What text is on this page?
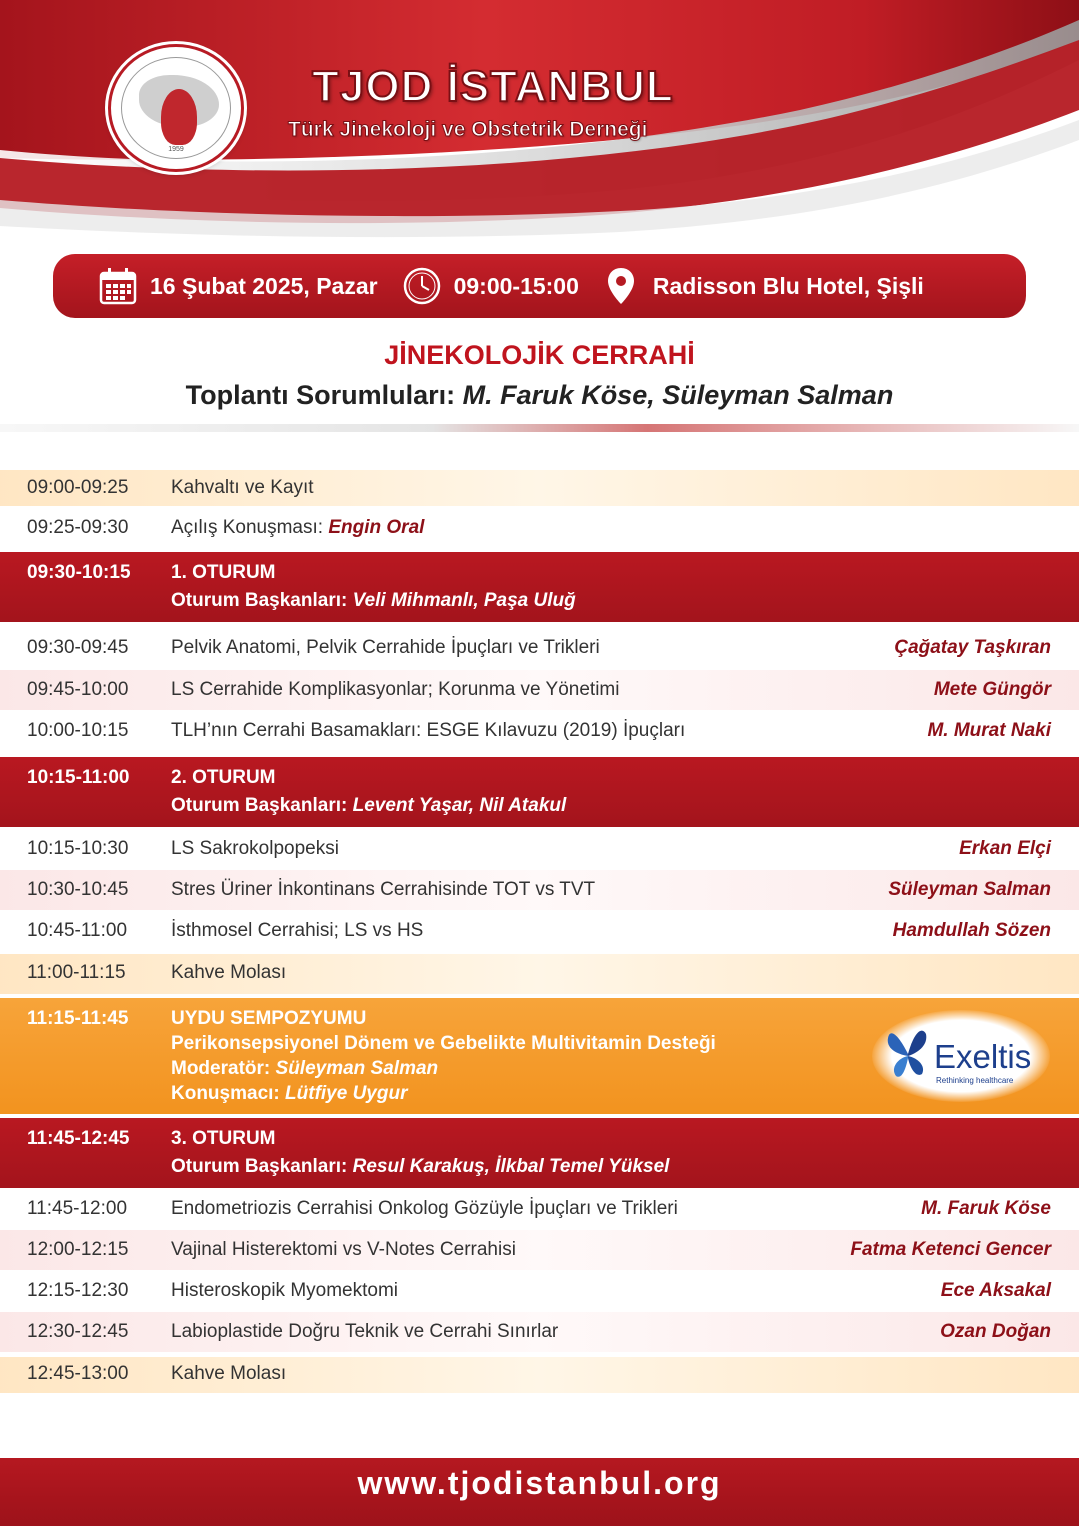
1959
TJOD İSTANBUL
Türk Jinekoloji ve Obstetrik Derneği
16 Şubat 2025, Pazar	09:00-15:00	Radisson Blu Hotel, Şişli
JİNEKOLOJİK CERRAHİ
Toplantı Sorumluları: M. Faruk Köse, Süleyman Salman
09:00-09:25 Kahvaltı ve Kayıt
09:25-09:30 Açılış Konuşması: Engin Oral
09:30-10:15 1. OTURUM
Oturum Başkanları: Veli Mihmanlı, Paşa Uluğ
09:30-09:45 Pelvik Anatomi, Pelvik Cerrahide İpuçları ve Trikleri	Çağatay Taşkıran
09:45-10:00 LS Cerrahide Komplikasyonlar; Korunma ve Yönetimi	Mete Güngör
10:00-10:15 TLH’nın Cerrahi Basamakları: ESGE Kılavuzu (2019) İpuçları	M. Murat Naki
10:15-11:00 2. OTURUM
Oturum Başkanları: Levent Yaşar, Nil Atakul
10:15-10:30 LS Sakrokolpopeksi	Erkan Elçi
10:30-10:45 Stres Üriner İnkontinans Cerrahisinde TOT vs TVT	Süleyman Salman
10:45-11:00 İsthmosel Cerrahisi; LS vs HS	Hamdullah Sözen
11:00-11:15 Kahve Molası
11:15-11:45 UYDU SEMPOZYUMU
Perikonsepsiyonel Dönem ve Gebelikte Multivitamin Desteği
Moderatör: Süleyman Salman
Konuşmacı: Lütfiye Uygur
Exeltis
Rethinking healthcare
11:45-12:45 3. OTURUM
Oturum Başkanları: Resul Karakuş, İlkbal Temel Yüksel
11:45-12:00 Endometriozis Cerrahisi Onkolog Gözüyle İpuçları ve Trikleri	M. Faruk Köse
12:00-12:15 Vajinal Histerektomi vs V-Notes Cerrahisi	Fatma Ketenci Gencer
12:15-12:30 Histeroskopik Myomektomi	Ece Aksakal
12:30-12:45 Labioplastide Doğru Teknik ve Cerrahi Sınırlar	Ozan Doğan
12:45-13:00 Kahve Molası
www.tjodistanbul.org
